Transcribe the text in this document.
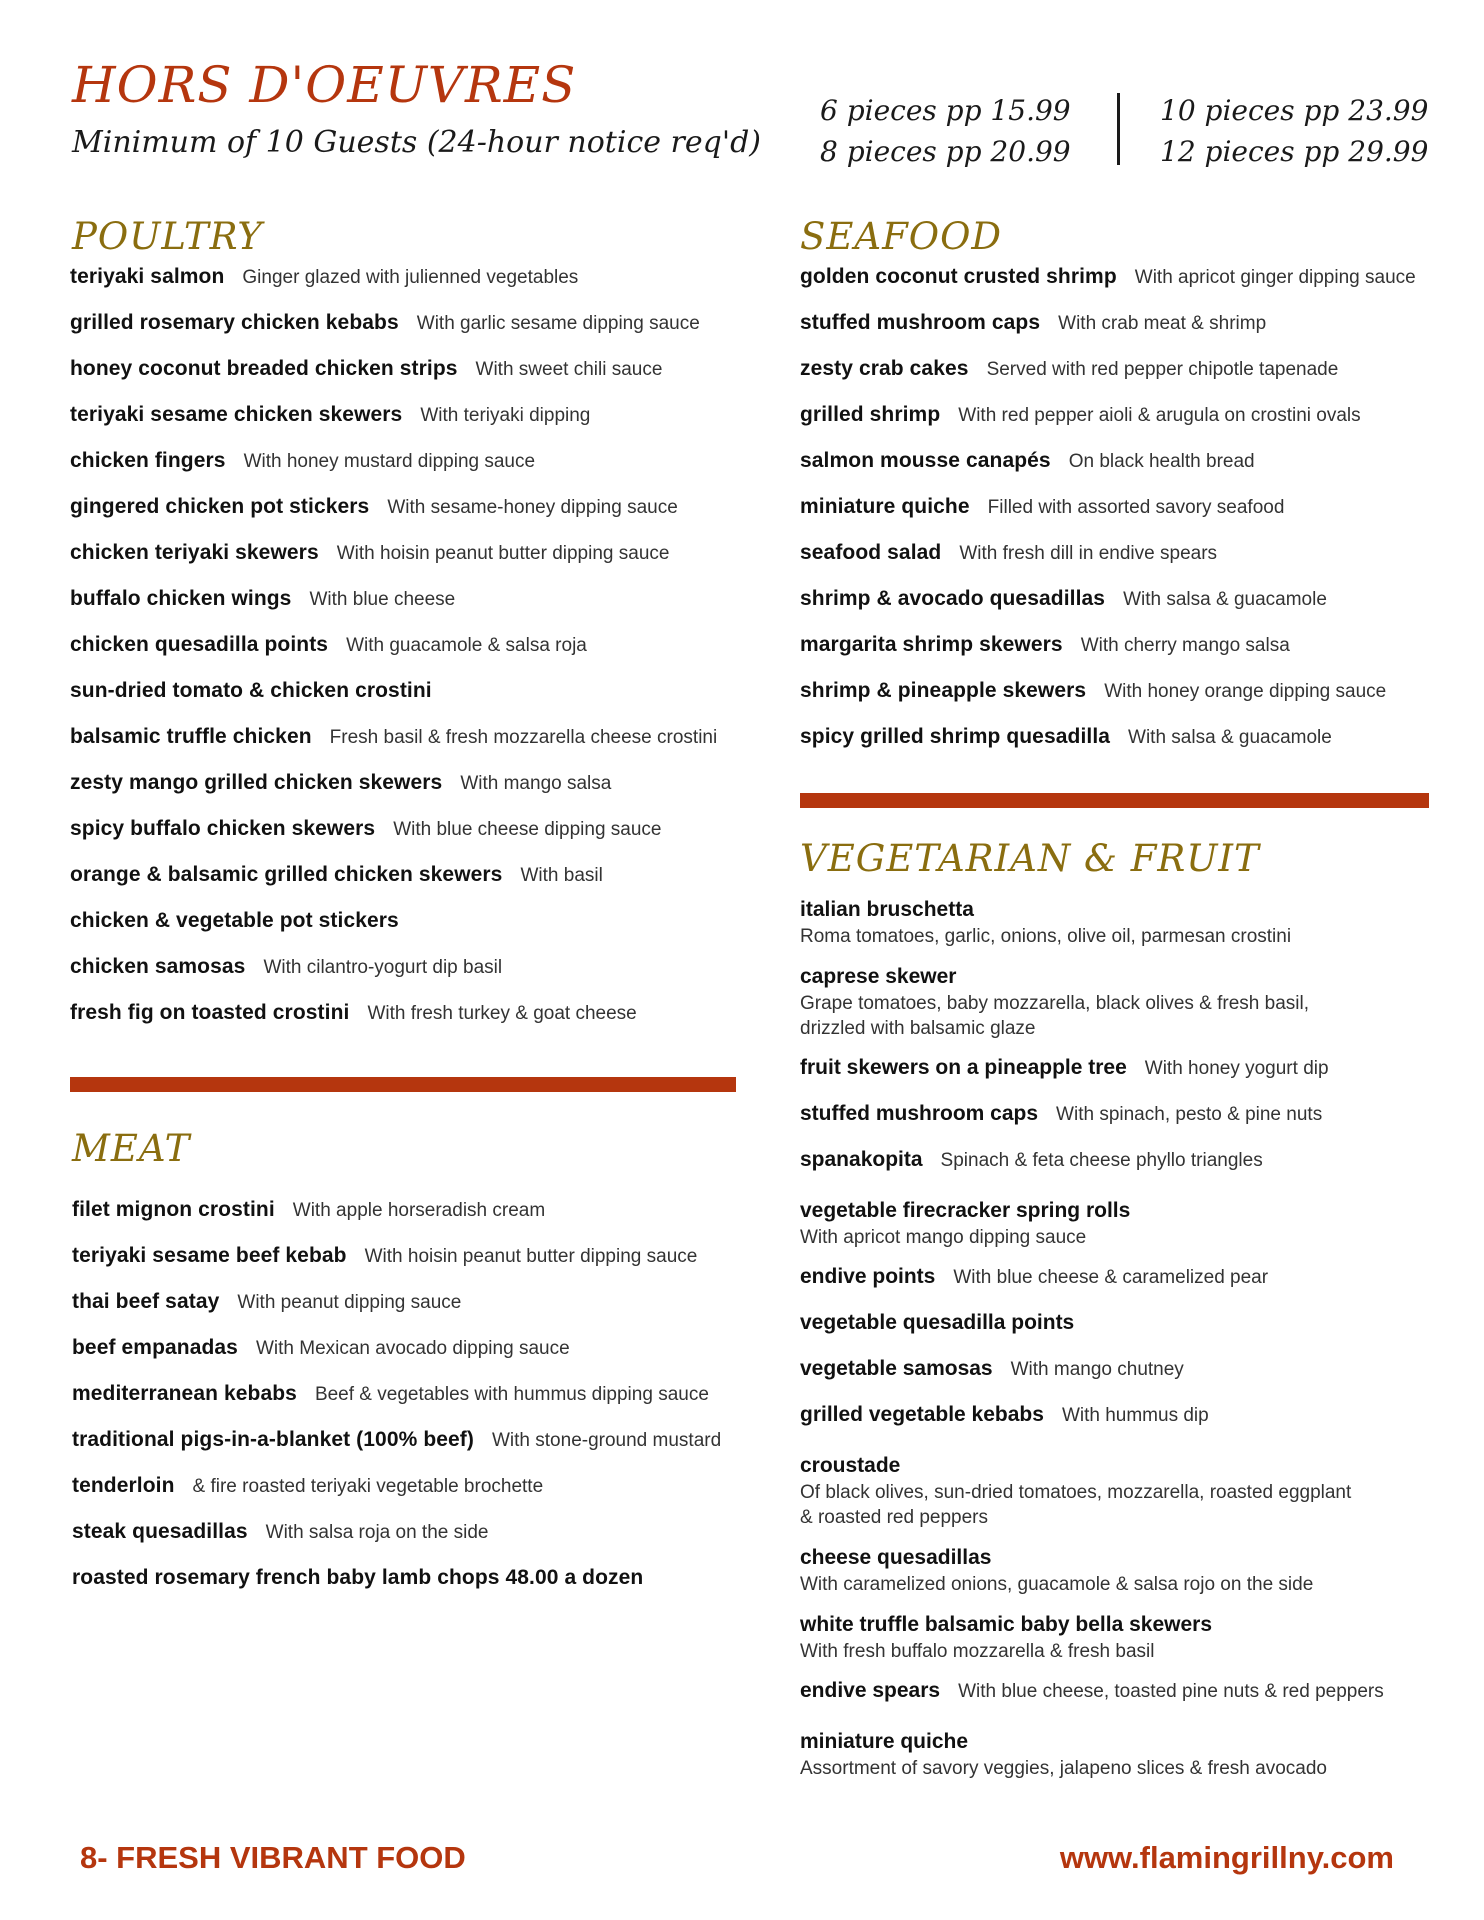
HORS D'OEUVRES
Minimum of 10 Guests (24-hour notice req'd)
6 pieces pp 15.99
8 pieces pp 20.99
10 pieces pp 23.99
12 pieces pp 29.99
POULTRY
teriyaki salmon Ginger glazed with julienned vegetables
grilled rosemary chicken kebabs With garlic sesame dipping sauce
honey coconut breaded chicken strips With sweet chili sauce
teriyaki sesame chicken skewers With teriyaki dipping
chicken fingers With honey mustard dipping sauce
gingered chicken pot stickers With sesame-honey dipping sauce
chicken teriyaki skewers With hoisin peanut butter dipping sauce
buffalo chicken wings With blue cheese
chicken quesadilla points With guacamole & salsa roja
sun-dried tomato & chicken crostini
balsamic truffle chicken Fresh basil & fresh mozzarella cheese crostini
zesty mango grilled chicken skewers With mango salsa
spicy buffalo chicken skewers With blue cheese dipping sauce
orange & balsamic grilled chicken skewers With basil
chicken & vegetable pot stickers
chicken samosas With cilantro-yogurt dip basil
fresh fig on toasted crostini With fresh turkey & goat cheese
MEAT
filet mignon crostini With apple horseradish cream
teriyaki sesame beef kebab With hoisin peanut butter dipping sauce
thai beef satay With peanut dipping sauce
beef empanadas With Mexican avocado dipping sauce
mediterranean kebabs Beef & vegetables with hummus dipping sauce
traditional pigs-in-a-blanket (100% beef) With stone-ground mustard
tenderloin & fire roasted teriyaki vegetable brochette
steak quesadillas With salsa roja on the side
roasted rosemary french baby lamb chops 48.00 a dozen
SEAFOOD
golden coconut crusted shrimp With apricot ginger dipping sauce
stuffed mushroom caps With crab meat & shrimp
zesty crab cakes Served with red pepper chipotle tapenade
grilled shrimp With red pepper aioli & arugula on crostini ovals
salmon mousse canapés On black health bread
miniature quiche Filled with assorted savory seafood
seafood salad With fresh dill in endive spears
shrimp & avocado quesadillas With salsa & guacamole
margarita shrimp skewers With cherry mango salsa
shrimp & pineapple skewers With honey orange dipping sauce
spicy grilled shrimp quesadilla With salsa & guacamole
VEGETARIAN & FRUIT
italian bruschetta
Roma tomatoes, garlic, onions, olive oil, parmesan crostini
caprese skewer
Grape tomatoes, baby mozzarella, black olives & fresh basil,
drizzled with balsamic glaze
fruit skewers on a pineapple tree With honey yogurt dip
stuffed mushroom caps With spinach, pesto & pine nuts
spanakopita Spinach & feta cheese phyllo triangles
vegetable firecracker spring rolls
With apricot mango dipping sauce
endive points With blue cheese & caramelized pear
vegetable quesadilla points
vegetable samosas With mango chutney
grilled vegetable kebabs With hummus dip
croustade
Of black olives, sun-dried tomatoes, mozzarella, roasted eggplant
& roasted red peppers
cheese quesadillas
With caramelized onions, guacamole & salsa rojo on the side
white truffle balsamic baby bella skewers
With fresh buffalo mozzarella & fresh basil
endive spears With blue cheese, toasted pine nuts & red peppers
miniature quiche
Assortment of savory veggies, jalapeno slices & fresh avocado
8- FRESH VIBRANT FOOD	www.flamingrillny.com
